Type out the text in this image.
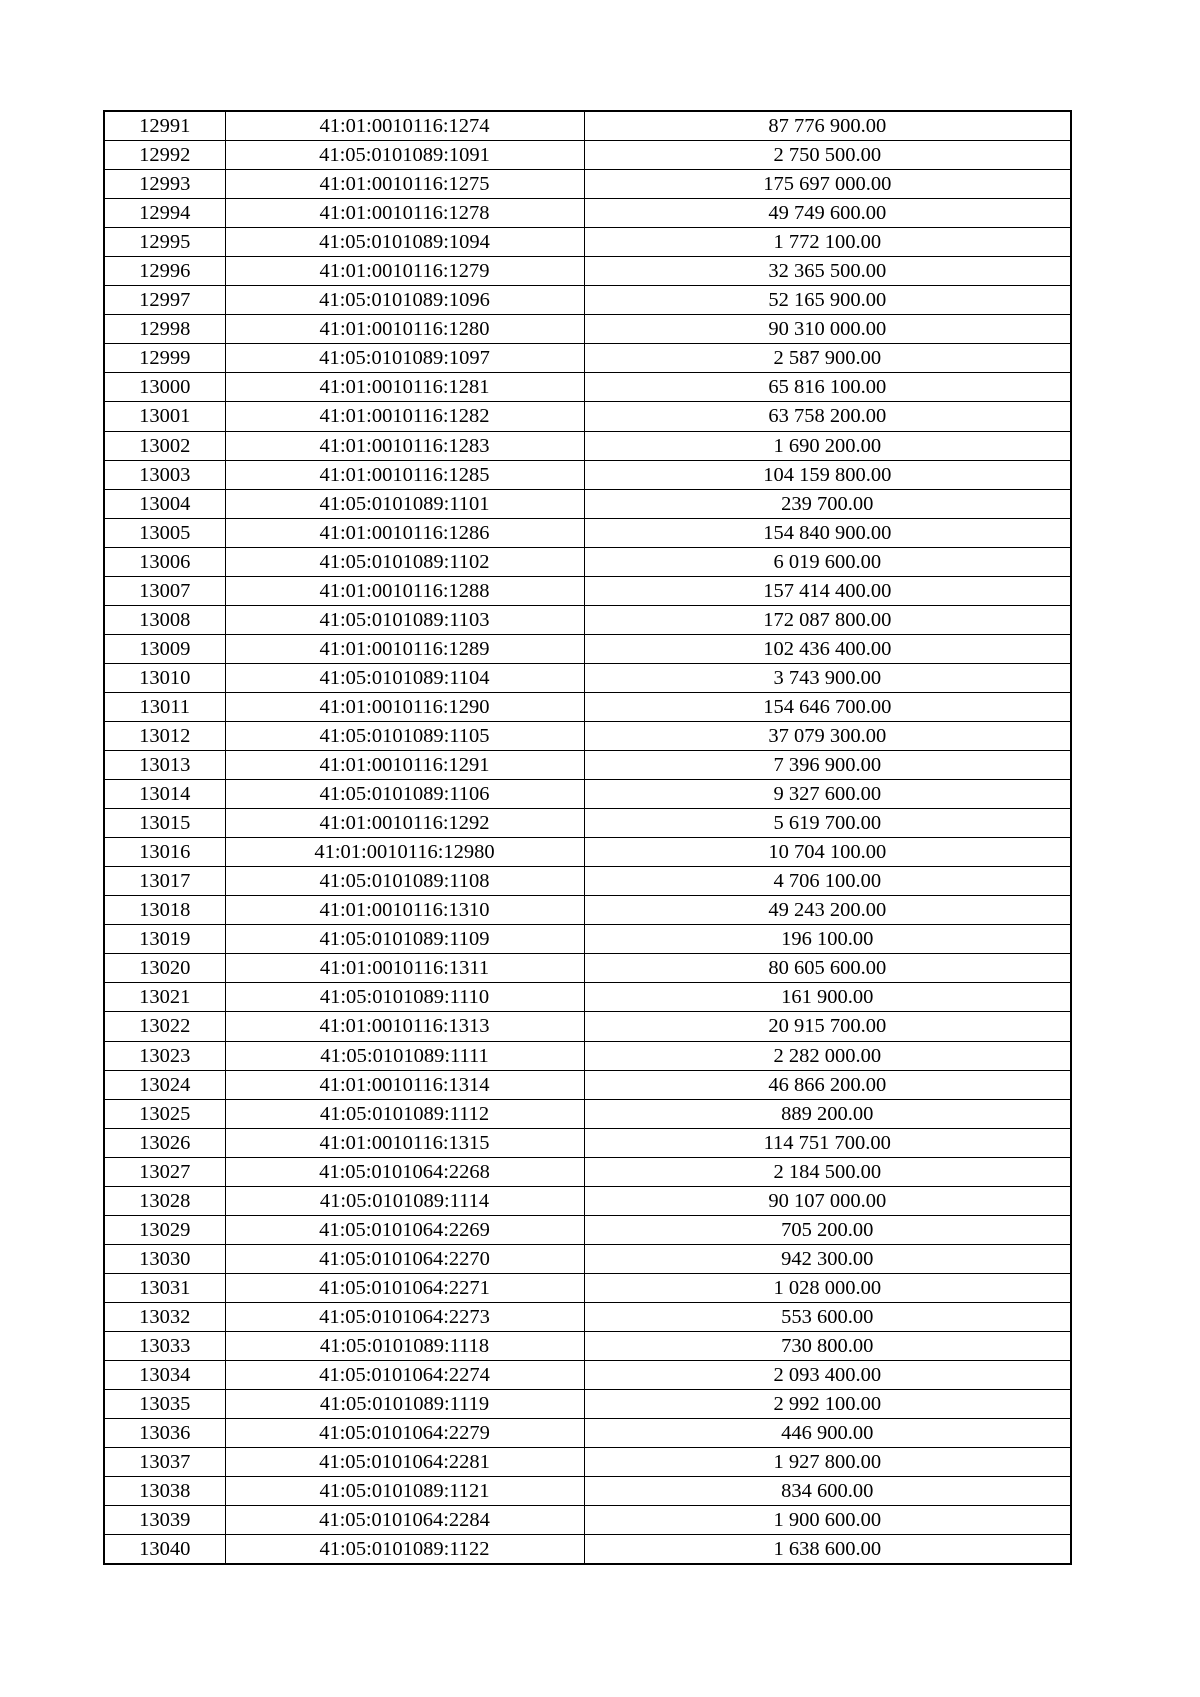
12991	41:01:0010116:1274	87 776 900.00
12992	41:05:0101089:1091	2 750 500.00
12993	41:01:0010116:1275	175 697 000.00
12994	41:01:0010116:1278	49 749 600.00
12995	41:05:0101089:1094	1 772 100.00
12996	41:01:0010116:1279	32 365 500.00
12997	41:05:0101089:1096	52 165 900.00
12998	41:01:0010116:1280	90 310 000.00
12999	41:05:0101089:1097	2 587 900.00
13000	41:01:0010116:1281	65 816 100.00
13001	41:01:0010116:1282	63 758 200.00
13002	41:01:0010116:1283	1 690 200.00
13003	41:01:0010116:1285	104 159 800.00
13004	41:05:0101089:1101	239 700.00
13005	41:01:0010116:1286	154 840 900.00
13006	41:05:0101089:1102	6 019 600.00
13007	41:01:0010116:1288	157 414 400.00
13008	41:05:0101089:1103	172 087 800.00
13009	41:01:0010116:1289	102 436 400.00
13010	41:05:0101089:1104	3 743 900.00
13011	41:01:0010116:1290	154 646 700.00
13012	41:05:0101089:1105	37 079 300.00
13013	41:01:0010116:1291	7 396 900.00
13014	41:05:0101089:1106	9 327 600.00
13015	41:01:0010116:1292	5 619 700.00
13016	41:01:0010116:12980	10 704 100.00
13017	41:05:0101089:1108	4 706 100.00
13018	41:01:0010116:1310	49 243 200.00
13019	41:05:0101089:1109	196 100.00
13020	41:01:0010116:1311	80 605 600.00
13021	41:05:0101089:1110	161 900.00
13022	41:01:0010116:1313	20 915 700.00
13023	41:05:0101089:1111	2 282 000.00
13024	41:01:0010116:1314	46 866 200.00
13025	41:05:0101089:1112	889 200.00
13026	41:01:0010116:1315	114 751 700.00
13027	41:05:0101064:2268	2 184 500.00
13028	41:05:0101089:1114	90 107 000.00
13029	41:05:0101064:2269	705 200.00
13030	41:05:0101064:2270	942 300.00
13031	41:05:0101064:2271	1 028 000.00
13032	41:05:0101064:2273	553 600.00
13033	41:05:0101089:1118	730 800.00
13034	41:05:0101064:2274	2 093 400.00
13035	41:05:0101089:1119	2 992 100.00
13036	41:05:0101064:2279	446 900.00
13037	41:05:0101064:2281	1 927 800.00
13038	41:05:0101089:1121	834 600.00
13039	41:05:0101064:2284	1 900 600.00
13040	41:05:0101089:1122	1 638 600.00
